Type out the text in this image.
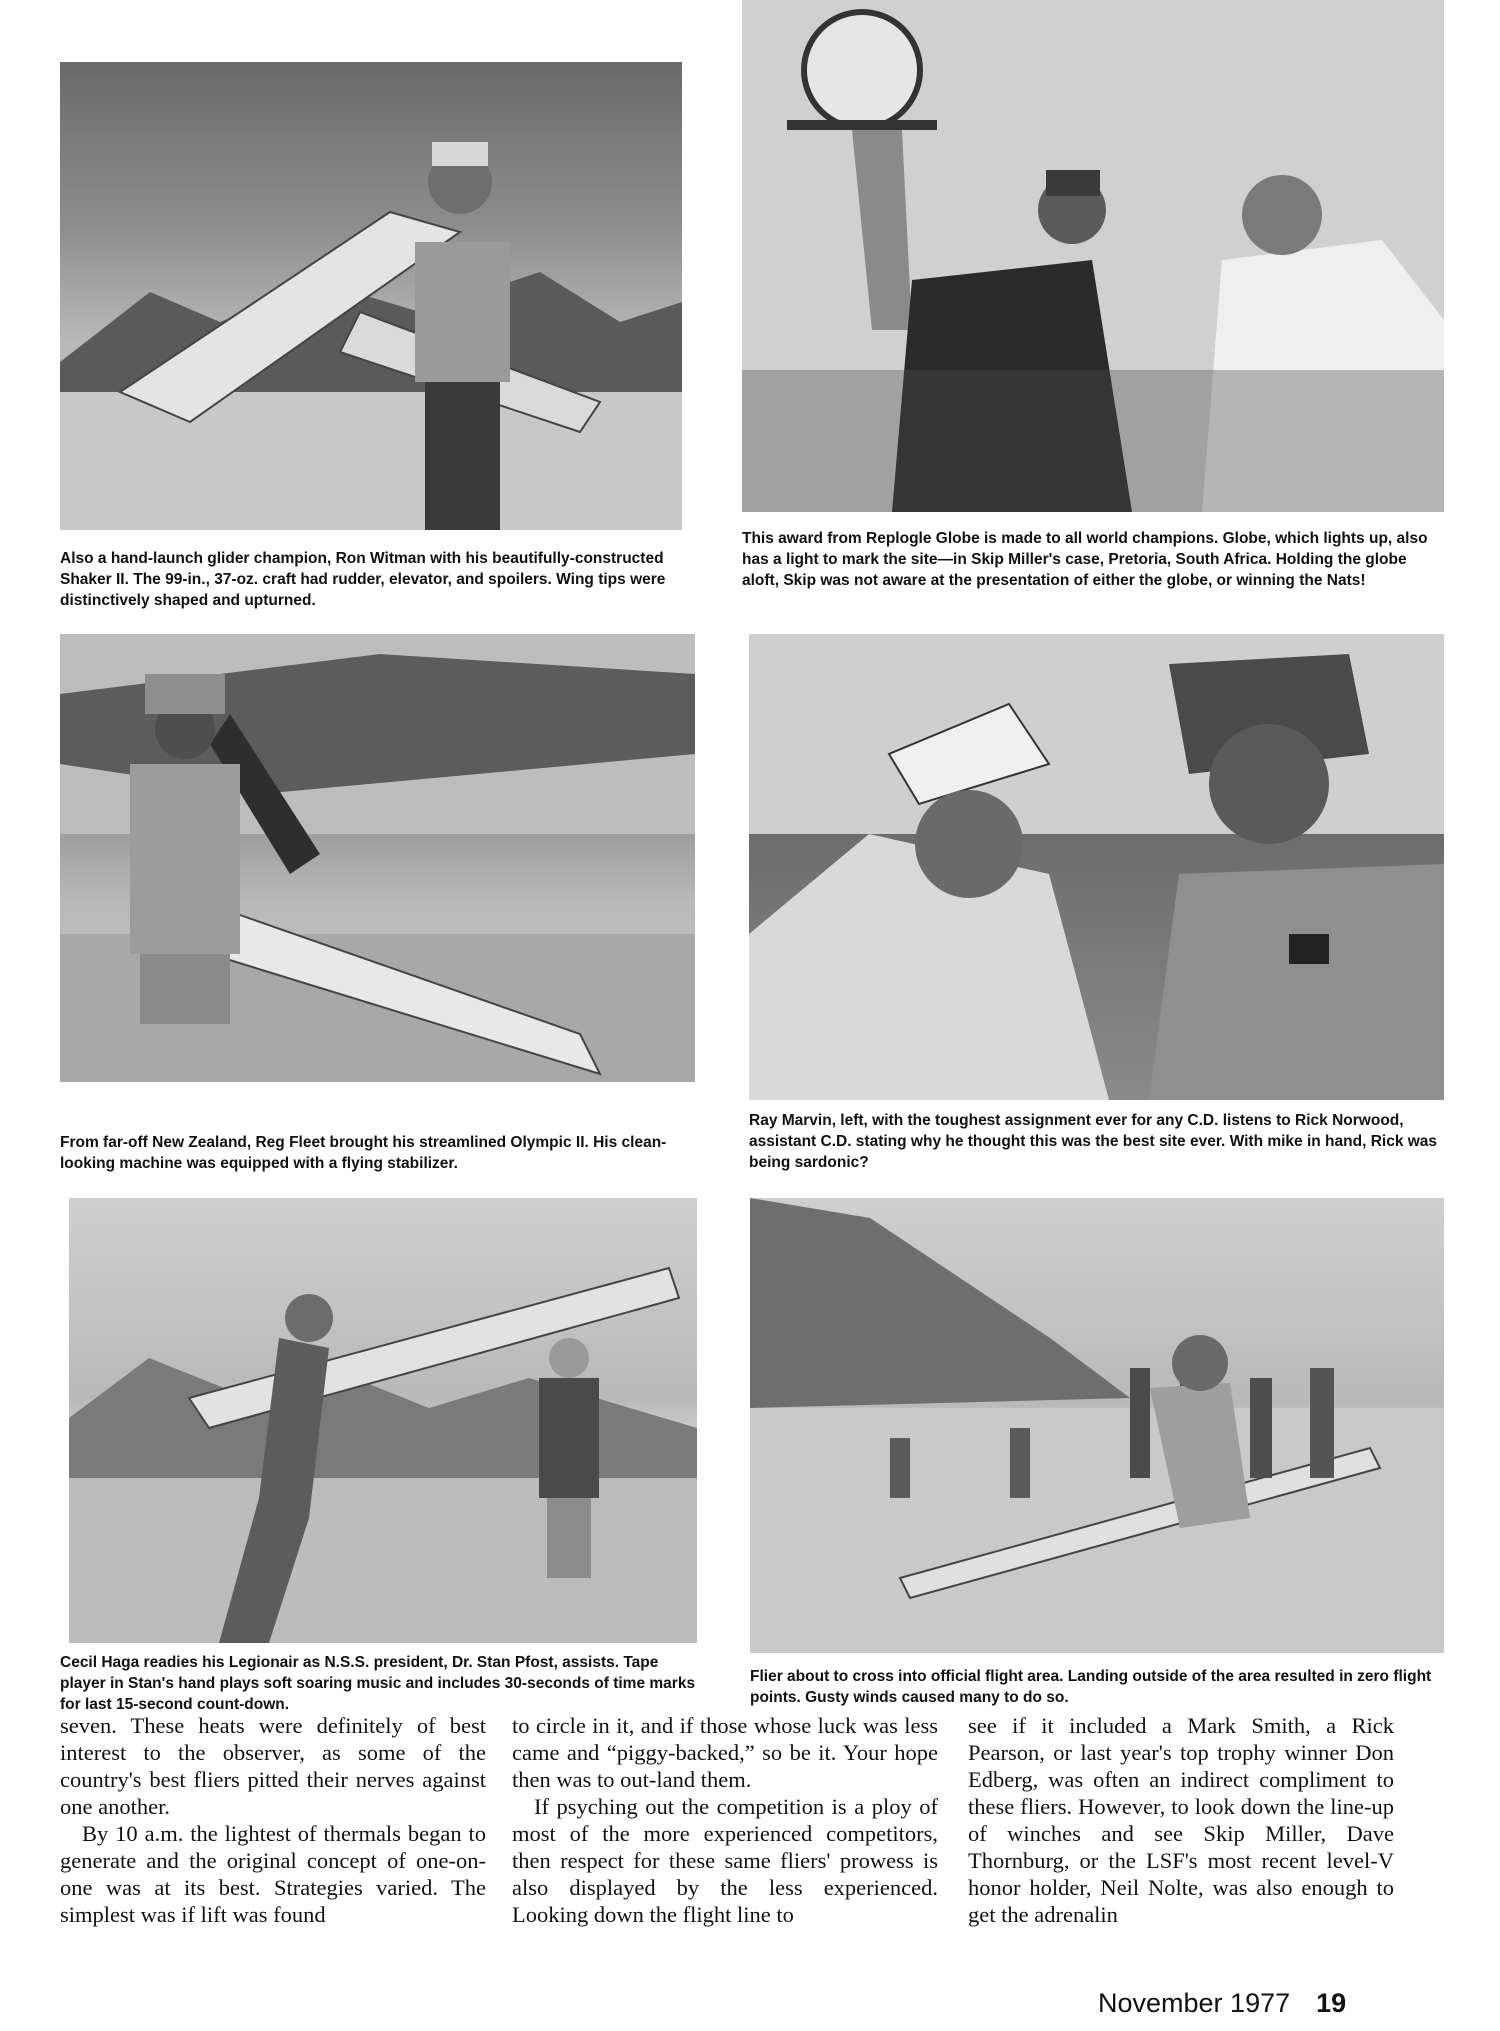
Also a hand-launch glider champion, Ron Witman with his beautifully-constructed Shaker II. The 99-in., 37-oz. craft had rudder, elevator, and spoilers. Wing tips were distinctively shaped and upturned.

This award from Replogle Globe is made to all world champions. Globe, which lights up, also has a light to mark the site—in Skip Miller's case, Pretoria, South Africa. Holding the globe aloft, Skip was not aware at the presentation of either the globe, or winning the Nats!

From far-off New Zealand, Reg Fleet brought his streamlined Olympic II. His clean-looking machine was equipped with a flying stabilizer.

Ray Marvin, left, with the toughest assignment ever for any C.D. listens to Rick Norwood, assistant C.D. stating why he thought this was the best site ever. With mike in hand, Rick was being sardonic?

Cecil Haga readies his Legionair as N.S.S. president, Dr. Stan Pfost, assists. Tape player in Stan's hand plays soft soaring music and includes 30-seconds of time marks for last 15-second count-down.

Flier about to cross into official flight area. Landing outside of the area resulted in zero flight points. Gusty winds caused many to do so.

seven. These heats were definitely of best interest to the observer, as some of the country's best fliers pitted their nerves against one another.

By 10 a.m. the lightest of thermals began to generate and the original concept of one-on-one was at its best. Strategies varied. The simplest was if lift was found

to circle in it, and if those whose luck was less came and “piggy-backed,” so be it. Your hope then was to out-land them.

If psyching out the competition is a ploy of most of the more experienced competitors, then respect for these same fliers' prowess is also displayed by the less experienced. Looking down the flight line to

see if it included a Mark Smith, a Rick Pearson, or last year's top trophy winner Don Edberg, was often an indirect compliment to these fliers. However, to look down the line-up of winches and see Skip Miller, Dave Thornburg, or the LSF's most recent level-V honor holder, Neil Nolte, was also enough to get the adrenalin

November 1977 19
